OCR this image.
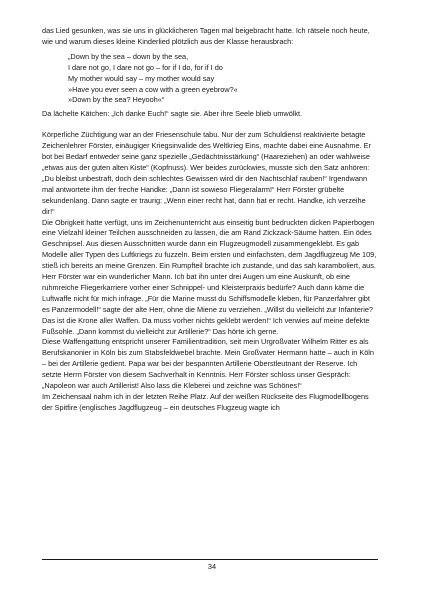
das Lied gesunken, was sie uns in glücklicheren Tagen mal beigebracht hatte. Ich rätsele noch heute, wie und warum dieses kleine Kinderlied plötzlich aus der Klasse herausbrach:

„Down by the sea – down by the sea,
I dare not go, I dare not go – for if I do, for if I do
My mother would say – my mother would say
»Have you ever seen a cow with a green eyebrow?«
»Down by the sea? Heyooh«“

Da lächelte Kätchen: „Ich danke Euch!“ sagte sie. Aber ihre Seele blieb umwölkt.

Körperliche Züchtigung war an der Friesenschule tabu. Nur der zum Schuldienst reaktivierte betagte Zeichenlehrer Förster, einäugiger Kriegsinvalide des Weltkrieg Eins, machte dabei eine Ausnahme. Er bot bei Bedarf entweder seine ganz spezielle „Gedächtnisstärkung“ (Haareziehen) an oder wahlweise „etwas aus der guten alten Kiste“ (Kopfnuss). Wer beides zurückwies, musste sich den Satz anhören: „Du bleibst unbestraft, doch dein schlechtes Gewissen wird dir den Nachtschlaf rauben!“ Irgendwann mal antwortete ihm der freche Handke: „Dann ist sowieso Fliegeralarm!“ Herr Förster grübelte sekundenlang. Dann sagte er traurig: „Wenn einer recht hat, dann hat er recht. Handke, ich verzeihe dir!“

Die Obrigkeit hatte verfügt, uns im Zeichenunterricht aus einseitig bunt bedruckten dicken Papierbogen eine Vielzahl kleiner Teilchen ausschneiden zu lassen, die am Rand Zickzack-Säume hatten. Ein ödes Geschnipsel. Aus diesen Ausschnitten wurde dann ein Flugzeugmodell zusammengeklebt. Es gab Modelle aller Typen des Luftkriegs zu fuzzeln. Beim ersten und einfachsten, dem Jagdflugzeug Me 109, stieß ich bereits an meine Grenzen. Ein Rumpfteil brachte ich zustande, und das sah karamboliert, aus. Herr Förster war ein wunderlicher Mann. Ich bat ihn unter drei Augen um eine Auskunft, ob eine ruhmreiche Fliegerkarriere vorher einer Schnippel- und Kleisterpraxis bedürfe? Auch dann käme die Luftwaffe nicht für mich infrage. „Für die Marine musst du Schiffsmodelle kleben, für Panzerfahrer gibt es Panzermodell!“ sagte der alte Herr, ohne die Miene zu verziehen. „Willst du vielleicht zur Infanterie? Das ist die Krone aller Waffen. Da muss vorher nichts geklebt werden!“ Ich verwies auf meine defekte Fußsohle. „Dann kommst du vielleicht zur Artillerie?“ Das hörte ich gerne.

Diese Waffengattung entspricht unserer Familientradition, seit mein Urgroßvater Wilhelm Ritter es als Berufskanonier in Köln bis zum Stabsfeldwebel brachte. Mein Großvater Hermann hatte – auch in Köln – bei der Artillerie gedient. Papa war bei der bespannten Artillerie Oberstleutnant der Reserve. Ich setzte Herrn Förster von diesem Sachverhalt in Kenntnis. Herr Förster schloss unser Gespräch: „Napoleon war auch Artillerist! Also lass die Kleberei und zeichne was Schönes!“

Im Zeichensaal nahm ich in der letzten Reihe Platz. Auf der weißen Rückseite des Flugmodellbogens der Spitfire (englisches Jagdflugzeug – ein deutsches Flugzeug wagte ich

34
